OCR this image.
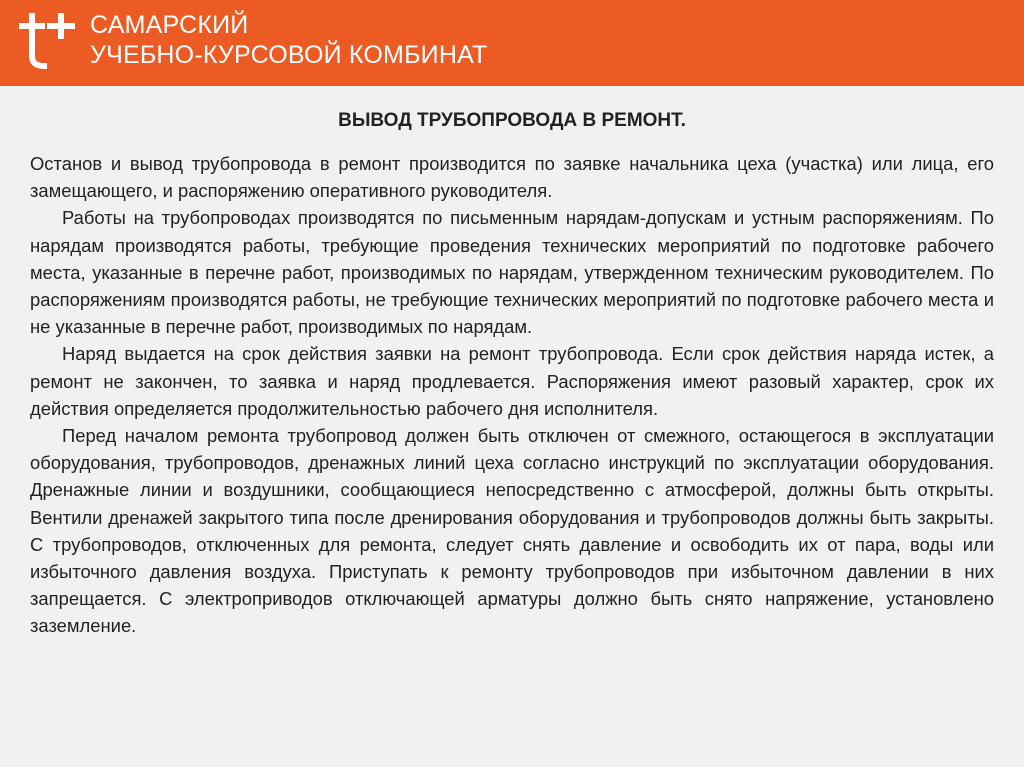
САМАРСКИЙ
УЧЕБНО-КУРСОВОЙ КОМБИНАТ
ВЫВОД ТРУБОПРОВОДА В РЕМОНТ.

Останов и вывод трубопровода в ремонт производится по заявке начальника цеха (участка) или лица, его замещающего, и распоряжению оперативного руководителя.

Работы на трубопроводах производятся по письменным нарядам-допускам и устным распоряжениям. По нарядам производятся работы, требующие проведения технических мероприятий по подготовке рабочего места, указанные в перечне работ, производимых по нарядам, утвержденном техническим руководителем. По распоряжениям производятся работы, не требующие технических мероприятий по подготовке рабочего места и не указанные в перечне работ, производимых по нарядам.

Наряд выдается на срок действия заявки на ремонт трубопровода. Если срок действия наряда истек, а ремонт не закончен, то заявка и наряд продлевается. Распоряжения имеют разовый характер, срок их действия определяется продолжительностью рабочего дня исполнителя.

Перед началом ремонта трубопровод должен быть отключен от смежного, остающегося в эксплуатации оборудования, трубопроводов, дренажных линий цеха согласно инструкций по эксплуатации оборудования. Дренажные линии и воздушники, сообщающиеся непосредственно с атмосферой, должны быть открыты. Вентили дренажей закрытого типа после дренирования оборудования и трубопроводов должны быть закрыты. С трубопроводов, отключенных для ремонта, следует снять давление и освободить их от пара, воды или избыточного давления воздуха. Приступать к ремонту трубопроводов при избыточном давлении в них запрещается. С электроприводов отключающей арматуры должно быть снято напряжение, установлено заземление.
